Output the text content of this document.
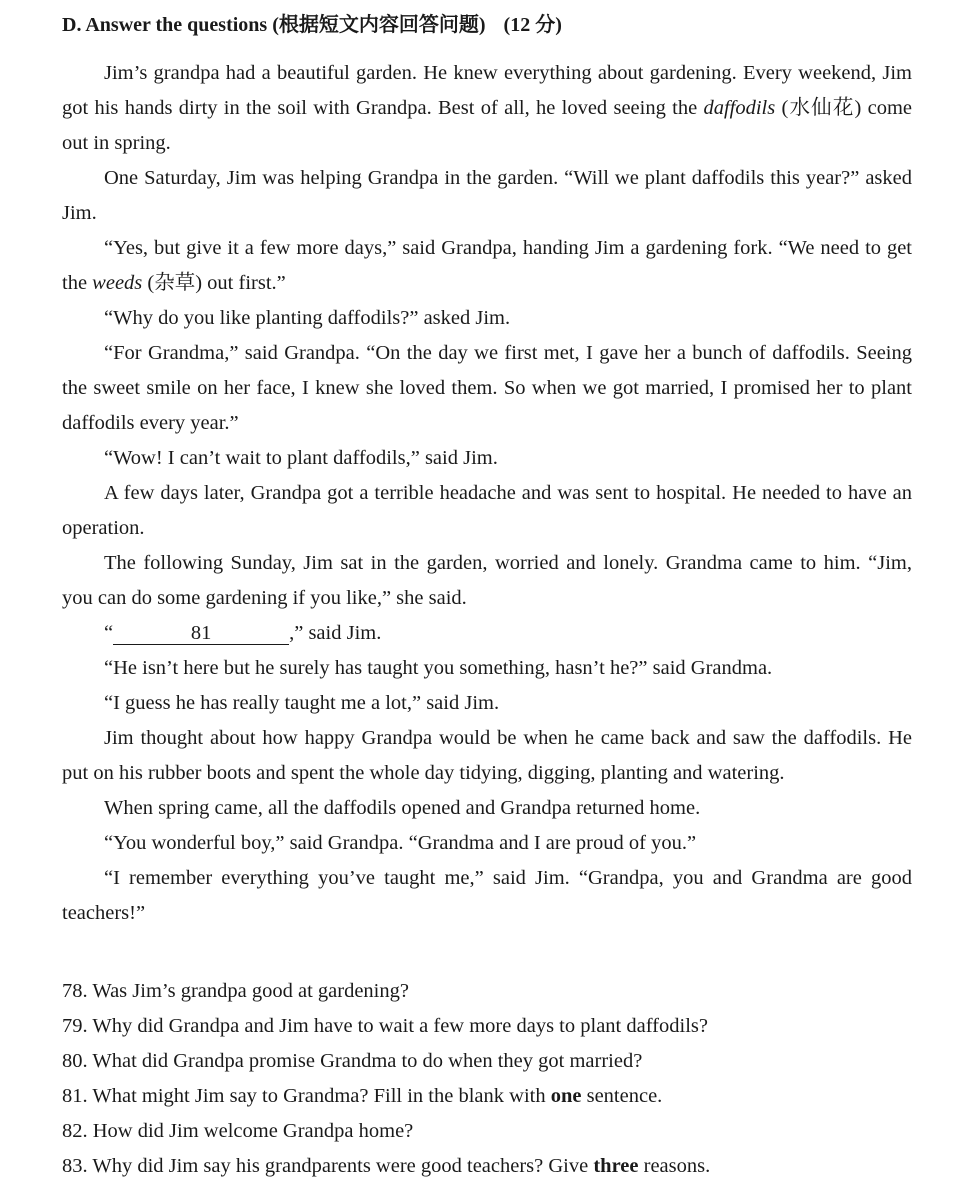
D. Answer the questions (根据短文内容回答问题) (12 分)

Jim’s grandpa had a beautiful garden. He knew everything about gardening. Every weekend, Jim got his hands dirty in the soil with Grandpa. Best of all, he loved seeing the daffodils (水仙花) come out in spring.

One Saturday, Jim was helping Grandpa in the garden. “Will we plant daffodils this year?” asked Jim.

“Yes, but give it a few more days,” said Grandpa, handing Jim a gardening fork. “We need to get the weeds (杂草) out first.”

“Why do you like planting daffodils?” asked Jim.

“For Grandma,” said Grandpa. “On the day we first met, I gave her a bunch of daffodils. Seeing the sweet smile on her face, I knew she loved them. So when we got married, I promised her to plant daffodils every year.”

“Wow! I can’t wait to plant daffodils,” said Jim.

A few days later, Grandpa got a terrible headache and was sent to hospital. He needed to have an operation.

The following Sunday, Jim sat in the garden, worried and lonely. Grandma came to him. “Jim, you can do some gardening if you like,” she said.

“	81	,” said Jim.

“He isn’t here but he surely has taught you something, hasn’t he?” said Grandma.

“I guess he has really taught me a lot,” said Jim.

Jim thought about how happy Grandpa would be when he came back and saw the daffodils. He put on his rubber boots and spent the whole day tidying, digging, planting and watering.

When spring came, all the daffodils opened and Grandpa returned home.

“You wonderful boy,” said Grandpa. “Grandma and I are proud of you.”

“I remember everything you’ve taught me,” said Jim. “Grandpa, you and Grandma are good teachers!”

78. Was Jim’s grandpa good at gardening?

79. Why did Grandpa and Jim have to wait a few more days to plant daffodils?

80. What did Grandpa promise Grandma to do when they got married?

81. What might Jim say to Grandma? Fill in the blank with one sentence.

82. How did Jim welcome Grandpa home?

83. Why did Jim say his grandparents were good teachers? Give three reasons.
